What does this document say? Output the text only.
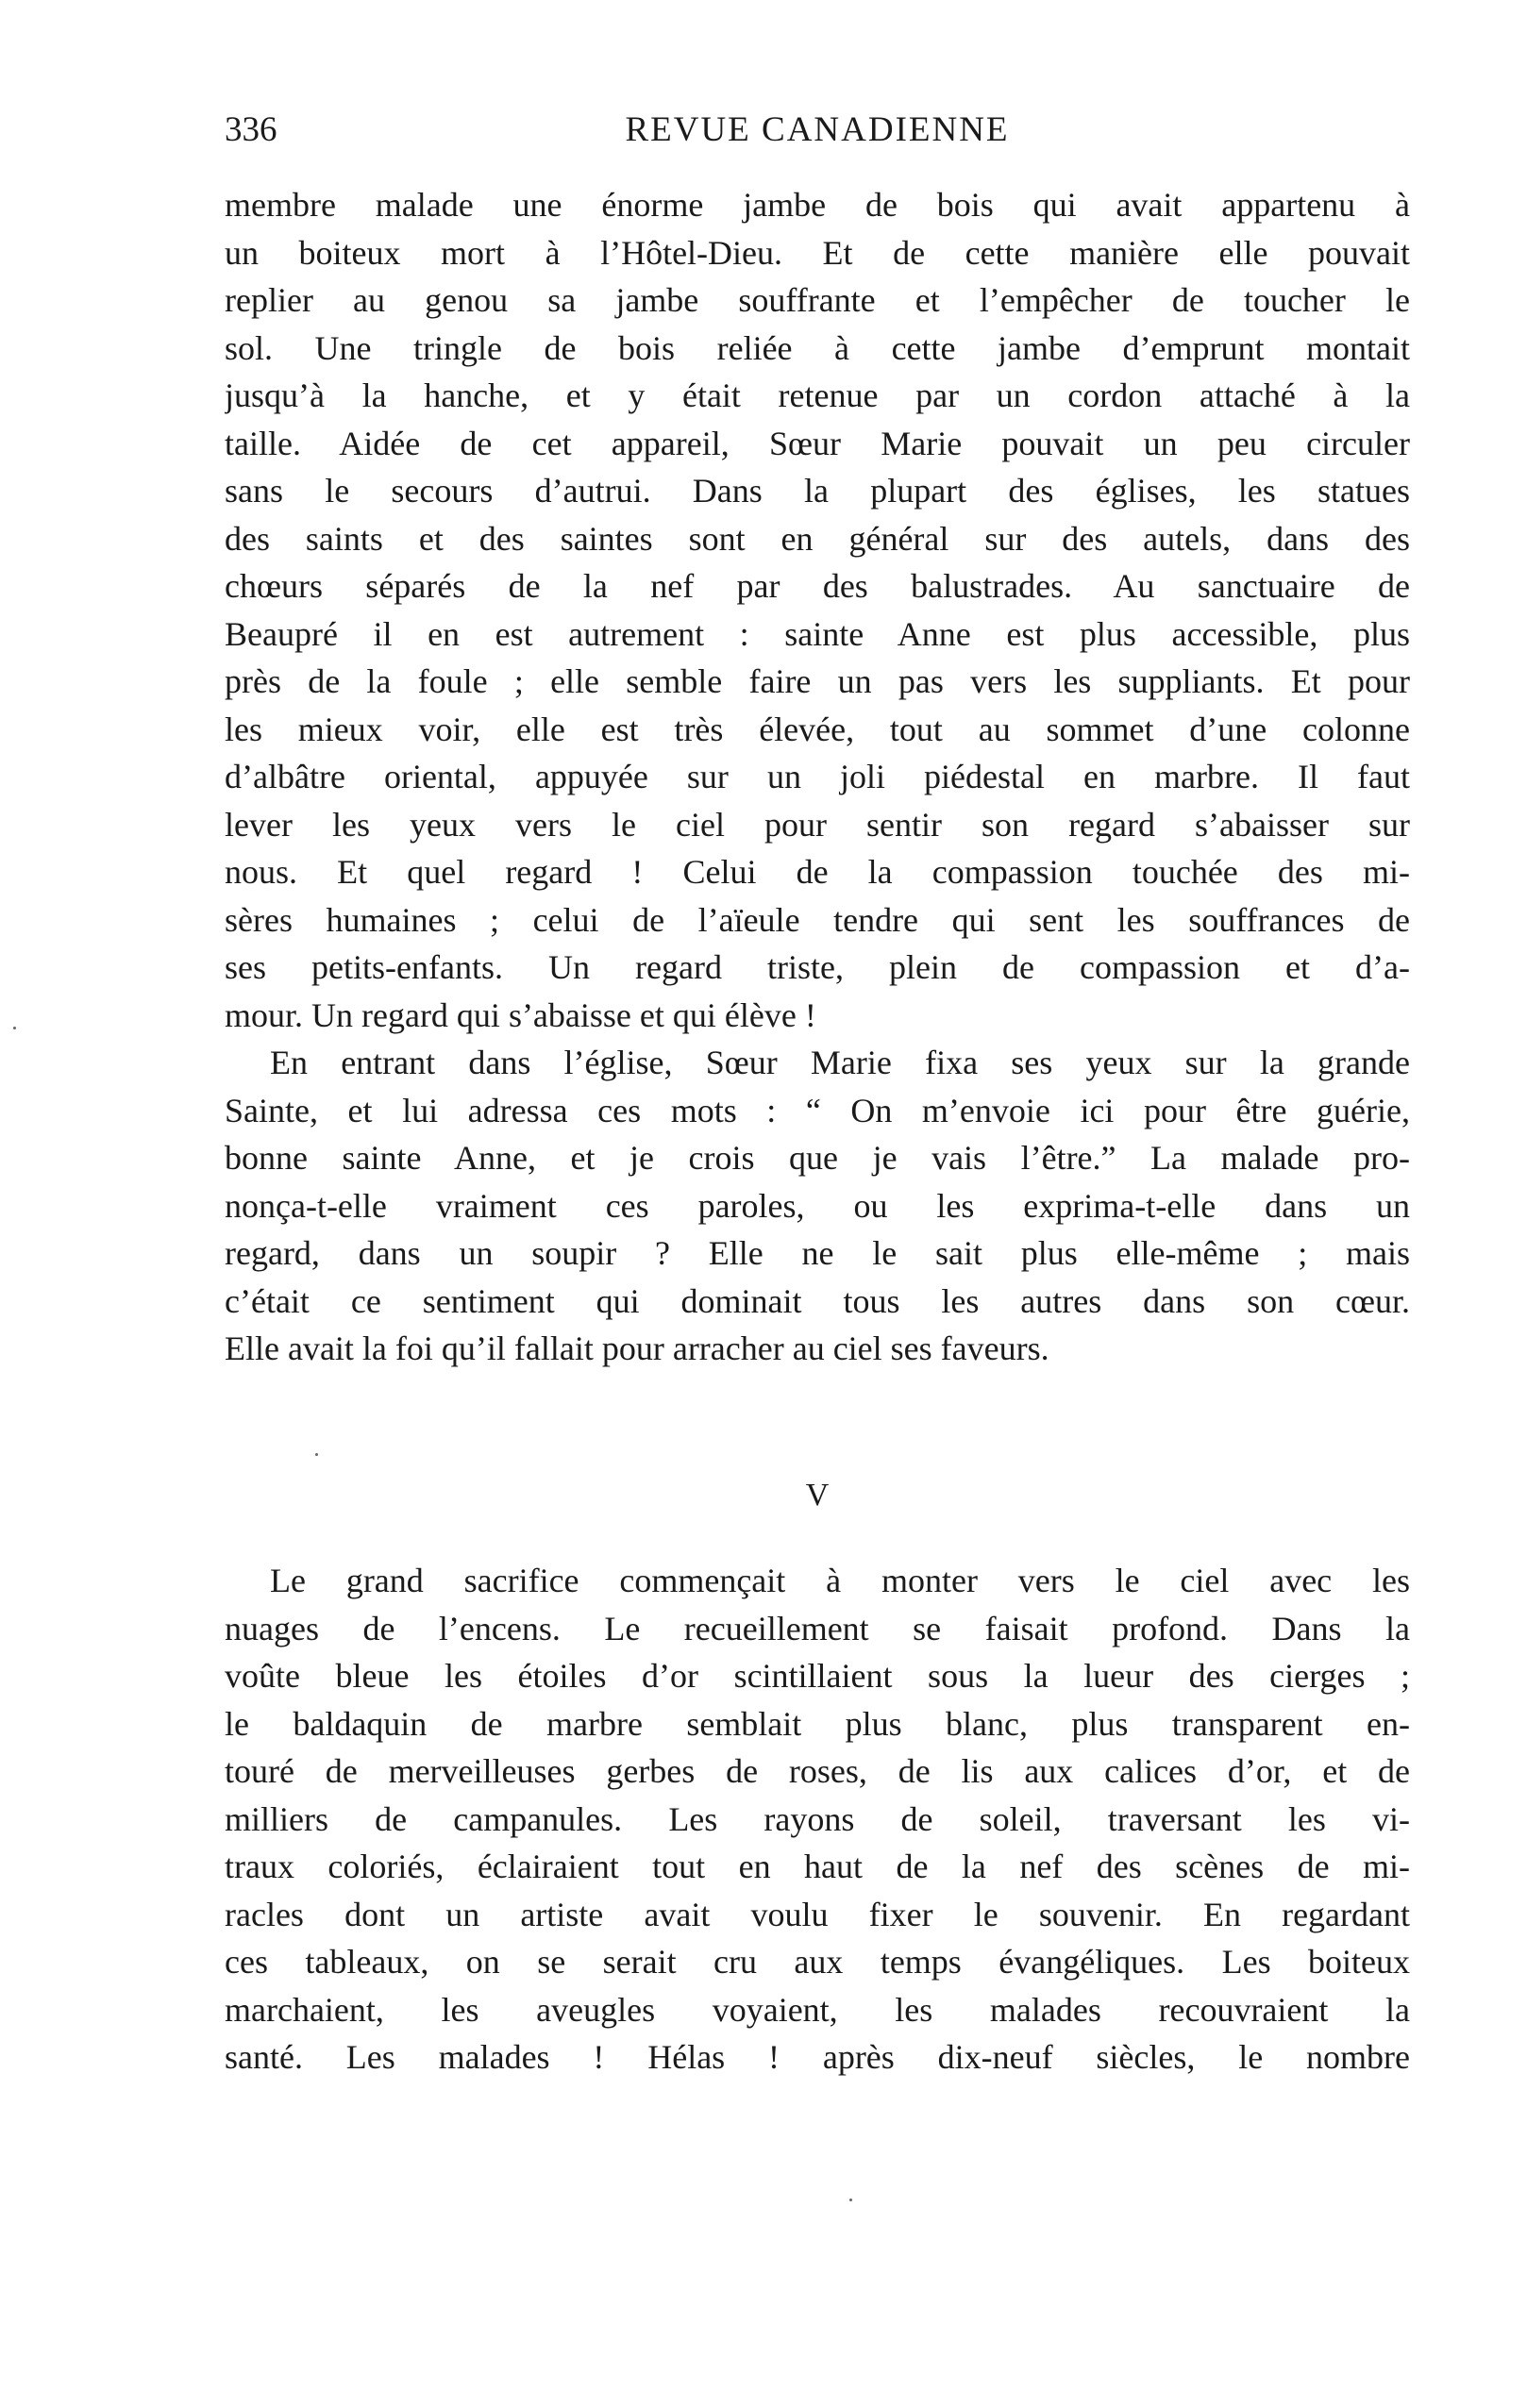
336	REVUE CANADIENNE
membre malade une énorme jambe de bois qui avait appartenu à
un boiteux mort à l’Hôtel-Dieu. Et de cette manière elle pouvait
replier au genou sa jambe souffrante et l’empêcher de toucher le
sol. Une tringle de bois reliée à cette jambe d’emprunt montait
jusqu’à la hanche, et y était retenue par un cordon attaché à la
taille. Aidée de cet appareil, Sœur Marie pouvait un peu circuler
sans le secours d’autrui. Dans la plupart des églises, les statues
des saints et des saintes sont en général sur des autels, dans des
chœurs séparés de la nef par des balustrades. Au sanctuaire de
Beaupré il en est autrement : sainte Anne est plus accessible, plus
près de la foule ; elle semble faire un pas vers les suppliants. Et pour
les mieux voir, elle est très élevée, tout au sommet d’une colonne
d’albâtre oriental, appuyée sur un joli piédestal en marbre. Il faut
lever les yeux vers le ciel pour sentir son regard s’abaisser sur
nous. Et quel regard ! Celui de la compassion touchée des mi-
sères humaines ; celui de l’aïeule tendre qui sent les souffrances de
ses petits-enfants. Un regard triste, plein de compassion et d’a-
mour. Un regard qui s’abaisse et qui élève !
En entrant dans l’église, Sœur Marie fixa ses yeux sur la grande
Sainte, et lui adressa ces mots : “ On m’envoie ici pour être guérie,
bonne sainte Anne, et je crois que je vais l’être.” La malade pro-
nonça-t-elle vraiment ces paroles, ou les exprima-t-elle dans un
regard, dans un soupir ? Elle ne le sait plus elle-même ; mais
c’était ce sentiment qui dominait tous les autres dans son cœur.
Elle avait la foi qu’il fallait pour arracher au ciel ses faveurs.
V
Le grand sacrifice commençait à monter vers le ciel avec les
nuages de l’encens. Le recueillement se faisait profond. Dans la
voûte bleue les étoiles d’or scintillaient sous la lueur des cierges ;
le baldaquin de marbre semblait plus blanc, plus transparent en-
touré de merveilleuses gerbes de roses, de lis aux calices d’or, et de
milliers de campanules. Les rayons de soleil, traversant les vi-
traux coloriés, éclairaient tout en haut de la nef des scènes de mi-
racles dont un artiste avait voulu fixer le souvenir. En regardant
ces tableaux, on se serait cru aux temps évangéliques. Les boiteux
marchaient, les aveugles voyaient, les malades recouvraient la
santé. Les malades ! Hélas ! après dix-neuf siècles, le nombre
